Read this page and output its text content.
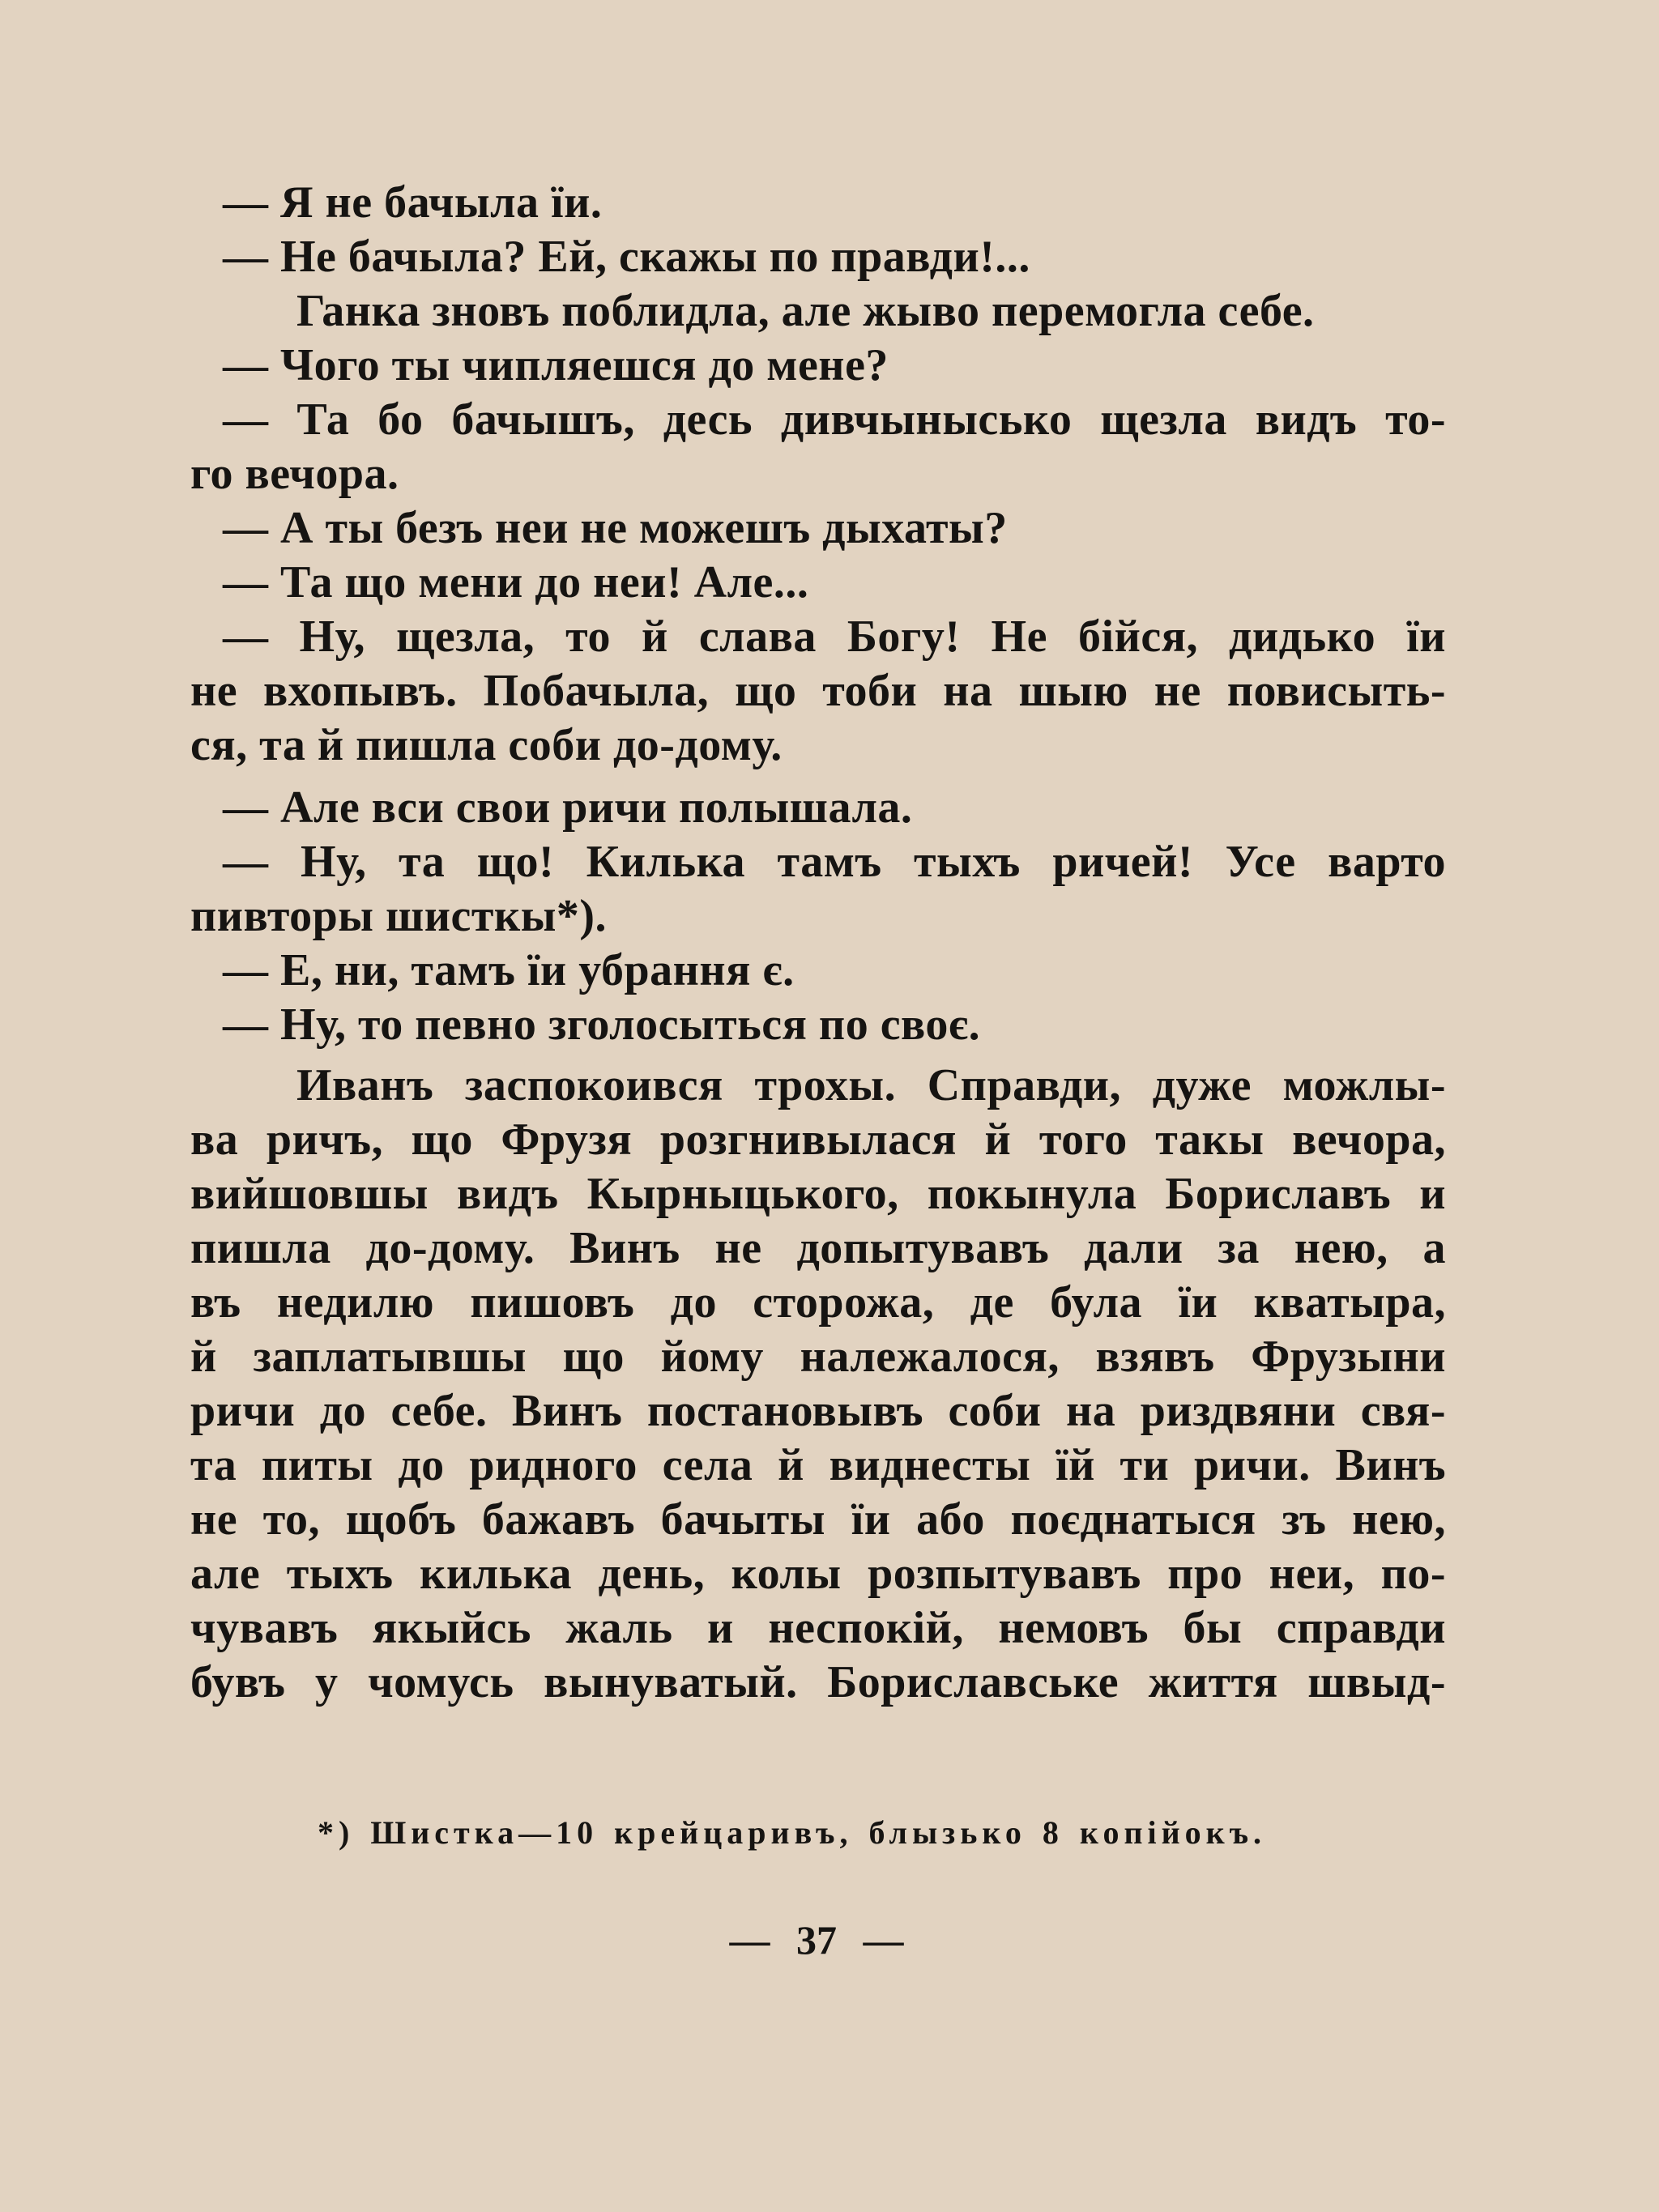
— Я не бачыла їи.
— Не бачыла? Ей, скажы по правди!...
Ганка зновъ поблидла, але жыво перемогла себе.
— Чого ты чипляешся до мене?
— Та бо бачышъ, десь дивчынысько щезла видъ то-
го вечора.
— А ты безъ неи не можешъ дыхаты?
— Та що мени до неи! Але...
— Ну, щезла, то й слава Богу! Не бійся, дидько їи
не вхопывъ. Побачыла, що тоби на шыю не повисыть-
ся, та й пишла соби до-дому.
— Але вси свои ричи полышала.
— Ну, та що! Килька тамъ тыхъ ричей! Усе варто
пивторы шисткы*).
— Е, ни, тамъ їи убрання є.
— Ну, то певно зголосыться по своє.
Иванъ заспокоився трохы. Справди, дуже можлы-
ва ричъ, що Фрузя розгнивылася й того такы вечора,
вийшовшы видъ Кырныцького, покынула Бориславъ и
пишла до-дому. Винъ не допытувавъ дали за нею, а
въ недилю пишовъ до сторожа, де була їи кватыра,
й заплатывшы що йому належалося, взявъ Фрузыни
ричи до себе. Винъ постановывъ соби на риздвяни свя-
та питы до ридного села й виднесты їй ти ричи. Винъ
не то, щобъ бажавъ бачыты їи або поєднатыся зъ нею,
але тыхъ килька день, колы розпытувавъ про неи, по-
чувавъ якыйсь жаль и неспокій, немовъ бы справди
бувъ у чомусь вынуватый. Бориславське життя швыд-
*) Шистка—10 крейцаривъ, блызько 8 копійокъ.
— 37 —
